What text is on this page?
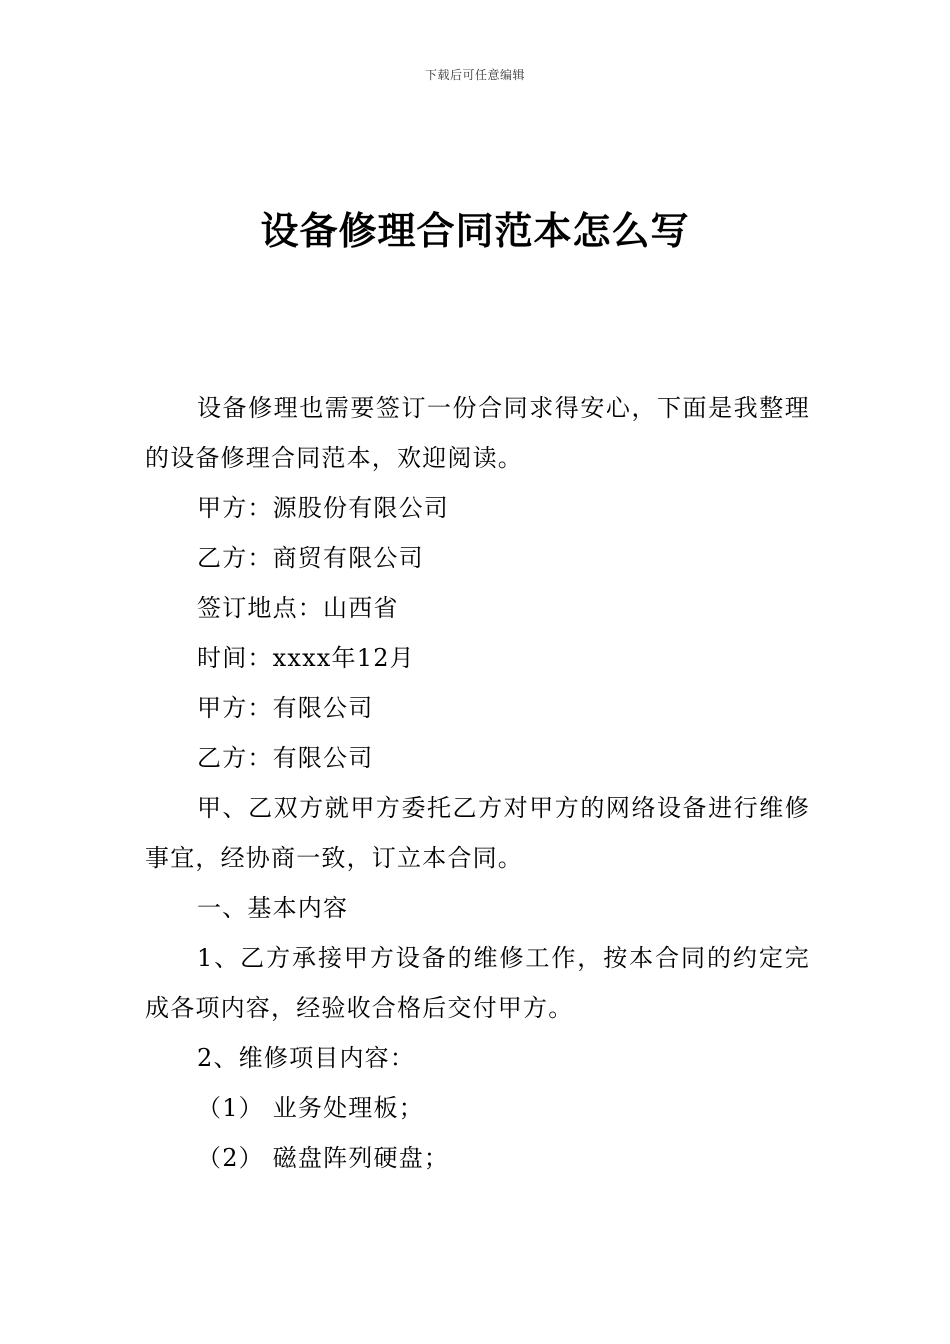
下载后可任意编辑
设备修理合同范本怎么写

设备修理也需要签订一份合同求得安心，下面是我整理的设备修理合同范本，欢迎阅读。

甲方：源股份有限公司

乙方：商贸有限公司

签订地点：山西省

时间：xxxx年12月

甲方：有限公司

乙方：有限公司

甲、乙双方就甲方委托乙方对甲方的网络设备进行维修事宜，经协商一致，订立本合同。

一、基本内容

1、乙方承接甲方设备的维修工作，按本合同的约定完成各项内容，经验收合格后交付甲方。

2、维修项目内容：

（1） 业务处理板；

（2） 磁盘阵列硬盘；
